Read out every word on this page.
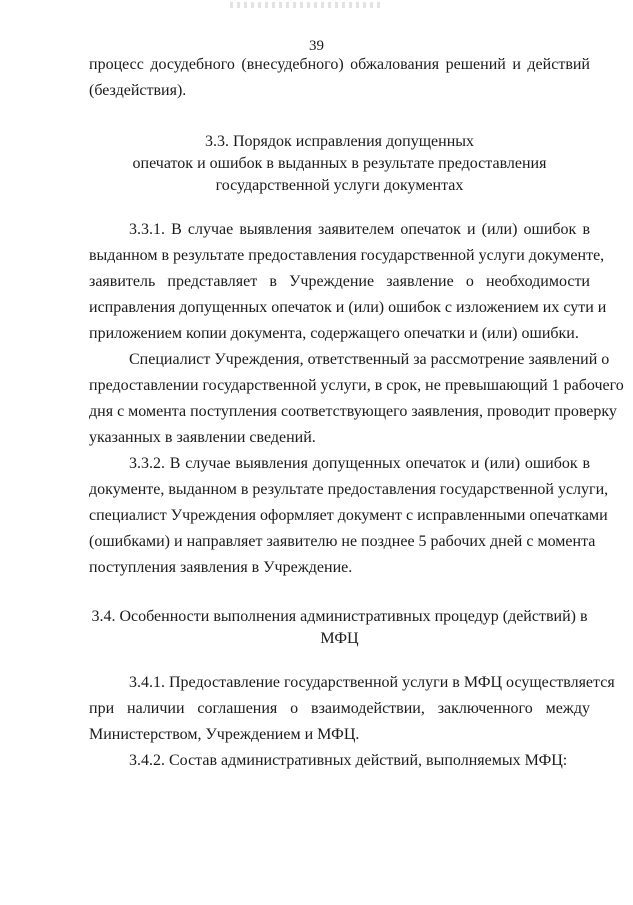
39
процесс досудебного (внесудебного) обжалования решений и действий
(бездействия).
3.3. Порядок исправления допущенных
опечаток и ошибок в выданных в результате предоставления
государственной услуги документах
3.3.1. В случае выявления заявителем опечаток и (или) ошибок в
выданном в результате предоставления государственной услуги документе,
заявитель представляет в Учреждение заявление о необходимости
исправления допущенных опечаток и (или) ошибок с изложением их сути и
приложением копии документа, содержащего опечатки и (или) ошибки.
Специалист Учреждения, ответственный за рассмотрение заявлений о
предоставлении государственной услуги, в срок, не превышающий 1 рабочего
дня с момента поступления соответствующего заявления, проводит проверку
указанных в заявлении сведений.
3.3.2. В случае выявления допущенных опечаток и (или) ошибок в
документе, выданном в результате предоставления государственной услуги,
специалист Учреждения оформляет документ с исправленными опечатками
(ошибками) и направляет заявителю не позднее 5 рабочих дней с момента
поступления заявления в Учреждение.
3.4. Особенности выполнения административных процедур (действий) в
МФЦ
3.4.1. Предоставление государственной услуги в МФЦ осуществляется
при наличии соглашения о взаимодействии, заключенного между
Министерством, Учреждением и МФЦ.
3.4.2. Состав административных действий, выполняемых МФЦ:
